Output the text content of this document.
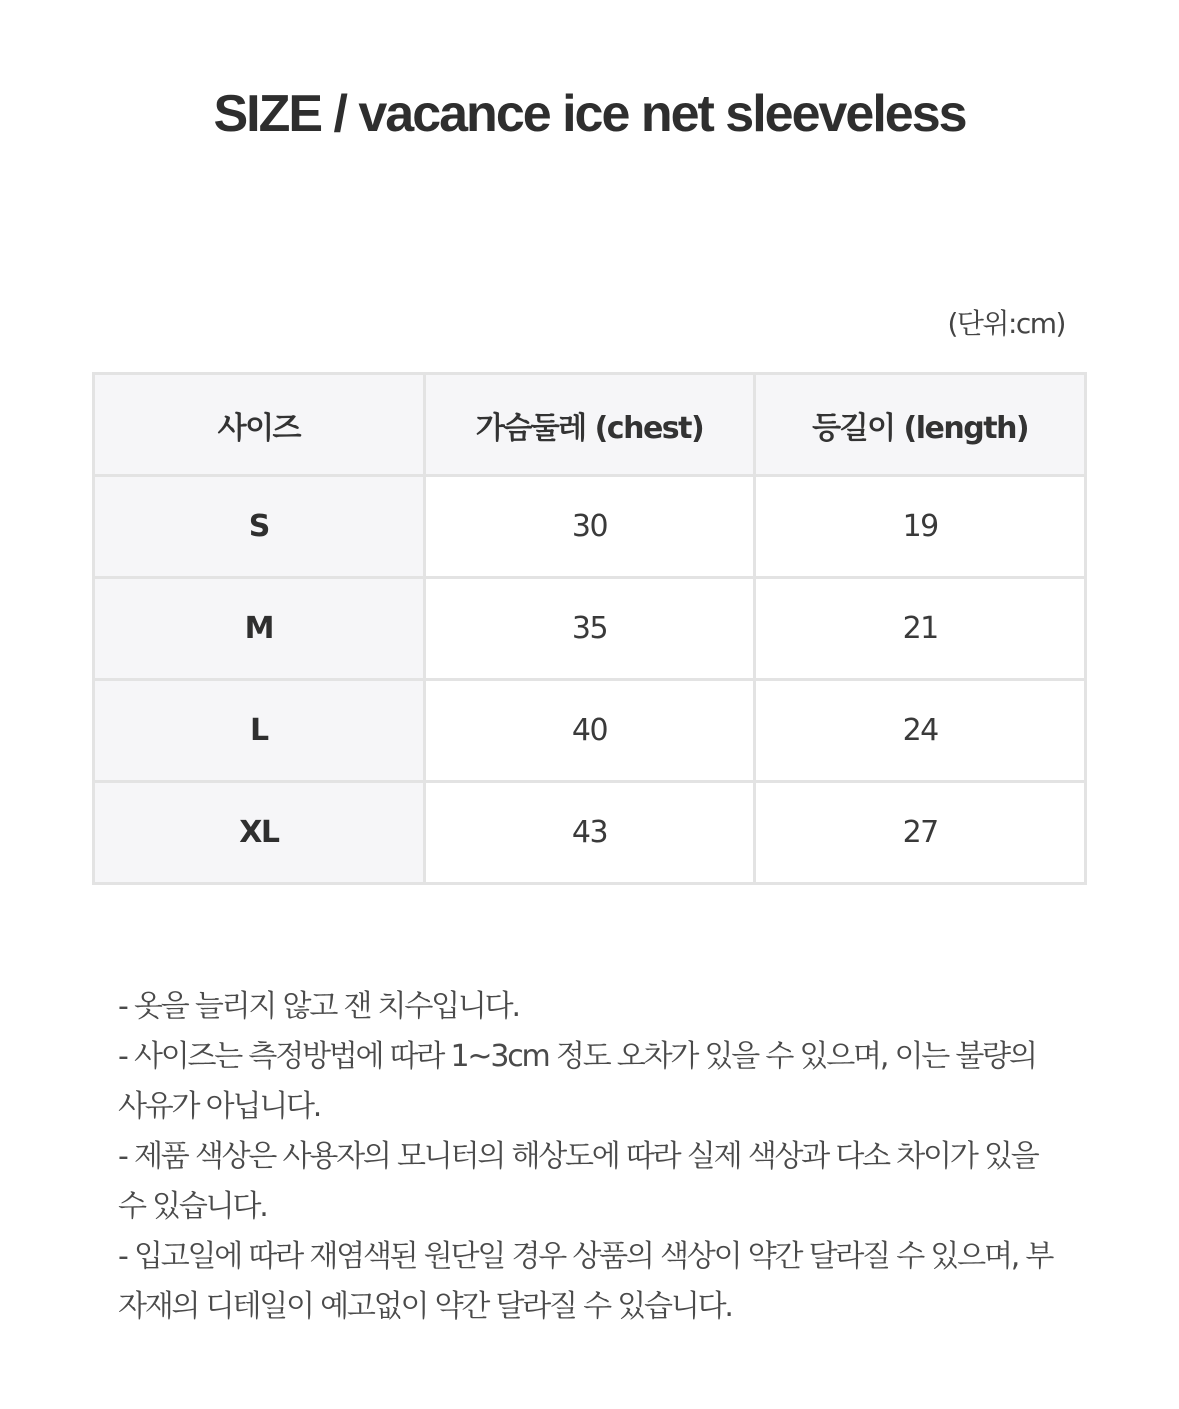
SIZE / vacance ice net sleeveless
(단위:cm)
사이즈	가슴둘레 (chest)	등길이 (length)
S	30	19
M	35	21
L	40	24
XL	43	27
- 옷을 늘리지 않고 잰 치수입니다.
- 사이즈는 측정방법에 따라 1~3cm 정도 오차가 있을 수 있으며, 이는 불량의 사유가 아닙니다.
- 제품 색상은 사용자의 모니터의 해상도에 따라 실제 색상과 다소 차이가 있을 수 있습니다.
- 입고일에 따라 재염색된 원단일 경우 상품의 색상이 약간 달라질 수 있으며, 부자재의 디테일이 예고없이 약간 달라질 수 있습니다.
